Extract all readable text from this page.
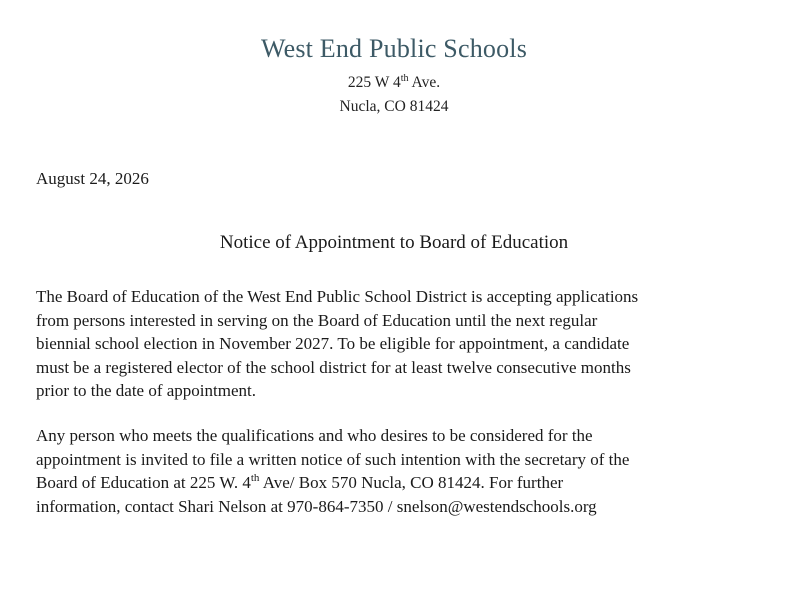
West End Public Schools
225 W 4th Ave.
Nucla, CO 81424
August 24, 2026
Notice of Appointment to Board of Education
The Board of Education of the West End Public School District is accepting applications
from persons interested in serving on the Board of Education until the next regular
biennial school election in November 2027. To be eligible for appointment, a candidate
must be a registered elector of the school district for at least twelve consecutive months
prior to the date of appointment.
Any person who meets the qualifications and who desires to be considered for the
appointment is invited to file a written notice of such intention with the secretary of the
Board of Education at 225 W. 4th Ave/ Box 570 Nucla, CO 81424. For further
information, contact Shari Nelson at 970-864-7350 / snelson@westendschools.org
